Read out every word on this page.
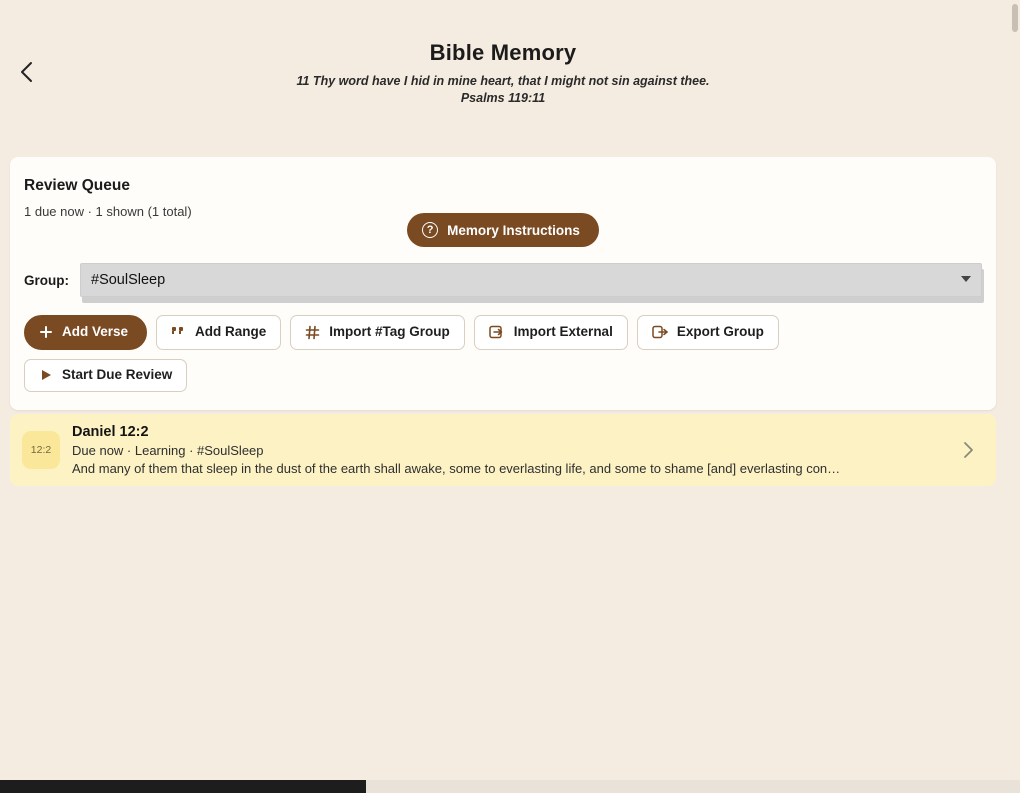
Bible Memory
11 Thy word have I hid in mine heart, that I might not sin against thee.
Psalms 119:11
Review Queue
1 due now · 1 shown (1 total)
?	Memory Instructions
Group: #SoulSleep
Add Verse	Add Range	Import #Tag Group	Import External	Export Group
Start Due Review
12:2
Daniel 12:2
Due now · Learning · #SoulSleep
And many of them that sleep in the dust of the earth shall awake, some to everlasting life, and some to shame [and] everlasting con…
